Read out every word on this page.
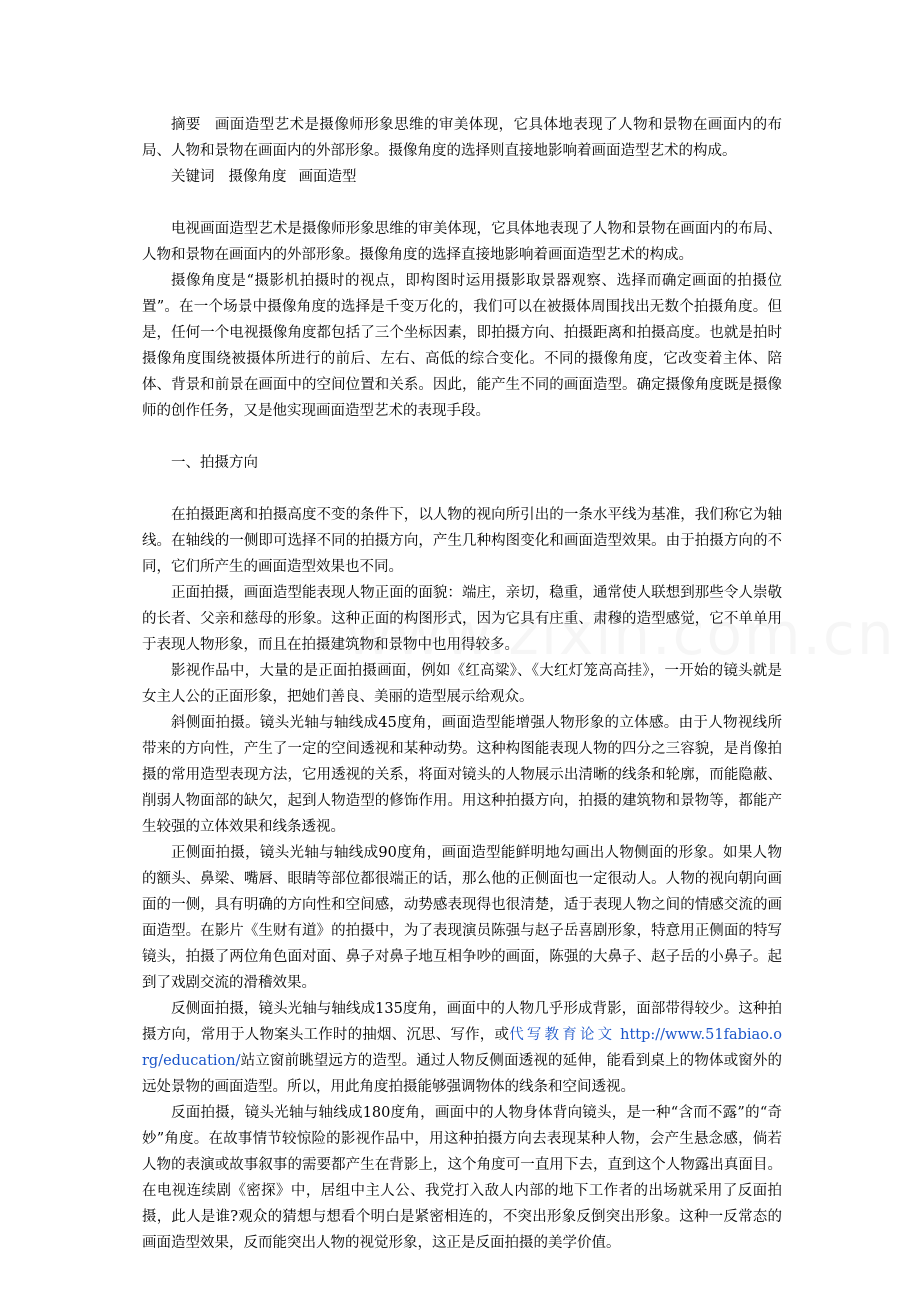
摘要 画面造型艺术是摄像师形象思维的审美体现，它具体地表现了人物和景物在画面内的布局、人物和景物在画面内的外部形象。摄像角度的选择则直接地影响着画面造型艺术的构成。

关键词 摄像角度 画面造型

电视画面造型艺术是摄像师形象思维的审美体现，它具体地表现了人物和景物在画面内的布局、人物和景物在画面内的外部形象。摄像角度的选择直接地影响着画面造型艺术的构成。

摄像角度是“摄影机拍摄时的视点，即构图时运用摄影取景器观察、选择而确定画面的拍摄位置”。在一个场景中摄像角度的选择是千变万化的，我们可以在被摄体周围找出无数个拍摄角度。但是，任何一个电视摄像角度都包括了三个坐标因素，即拍摄方向、拍摄距离和拍摄高度。也就是拍时摄像角度围绕被摄体所进行的前后、左右、高低的综合变化。不同的摄像角度，它改变着主体、陪体、背景和前景在画面中的空间位置和关系。因此，能产生不同的画面造型。确定摄像角度既是摄像师的创作任务，又是他实现画面造型艺术的表现手段。

一、拍摄方向

在拍摄距离和拍摄高度不变的条件下，以人物的视向所引出的一条水平线为基准，我们称它为轴线。在轴线的一侧即可选择不同的拍摄方向，产生几种构图变化和画面造型效果。由于拍摄方向的不同，它们所产生的画面造型效果也不同。

正面拍摄，画面造型能表现人物正面的面貌：端庄，亲切，稳重，通常使人联想到那些令人崇敬的长者、父亲和慈母的形象。这种正面的构图形式，因为它具有庄重、肃穆的造型感觉，它不单单用于表现人物形象，而且在拍摄建筑物和景物中也用得较多。

影视作品中，大量的是正面拍摄画面，例如《红高粱》、《大红灯笼高高挂》，一开始的镜头就是女主人公的正面形象，把她们善良、美丽的造型展示给观众。

斜侧面拍摄。镜头光轴与轴线成45度角，画面造型能增强人物形象的立体感。由于人物视线所带来的方向性，产生了一定的空间透视和某种动势。这种构图能表现人物的四分之三容貌，是肖像拍摄的常用造型表现方法，它用透视的关系，将面对镜头的人物展示出清晰的线条和轮廓，而能隐蔽、削弱人物面部的缺欠，起到人物造型的修饰作用。用这种拍摄方向，拍摄的建筑物和景物等，都能产生较强的立体效果和线条透视。

正侧面拍摄，镜头光轴与轴线成90度角，画面造型能鲜明地勾画出人物侧面的形象。如果人物的额头、鼻梁、嘴唇、眼睛等部位都很端正的话，那么他的正侧面也一定很动人。人物的视向朝向画面的一侧，具有明确的方向性和空间感，动势感表现得也很清楚，适于表现人物之间的情感交流的画面造型。在影片《生财有道》的拍摄中，为了表现演员陈强与赵子岳喜剧形象，特意用正侧面的特写镜头，拍摄了两位角色面对面、鼻子对鼻子地互相争吵的画面，陈强的大鼻子、赵子岳的小鼻子。起到了戏剧交流的滑稽效果。

反侧面拍摄，镜头光轴与轴线成135度角，画面中的人物几乎形成背影，面部带得较少。这种拍摄方向，常用于人物案头工作时的抽烟、沉思、写作，或代写教育论文 http://www.51fabiao.org/education/站立窗前眺望远方的造型。通过人物反侧面透视的延伸，能看到桌上的物体或窗外的远处景物的画面造型。所以，用此角度拍摄能够强调物体的线条和空间透视。

反面拍摄，镜头光轴与轴线成180度角，画面中的人物身体背向镜头，是一种“含而不露”的“奇妙”角度。在故事情节较惊险的影视作品中，用这种拍摄方向去表现某种人物，会产生悬念感，倘若人物的表演或故事叙事的需要都产生在背影上，这个角度可一直用下去，直到这个人物露出真面目。在电视连续剧《密探》中，居组中主人公、我党打入敌人内部的地下工作者的出场就采用了反面拍摄，此人是谁?观众的猜想与想看个明白是紧密相连的，不突出形象反倒突出形象。这种一反常态的画面造型效果，反而能突出人物的视觉形象，这正是反面拍摄的美学价值。
